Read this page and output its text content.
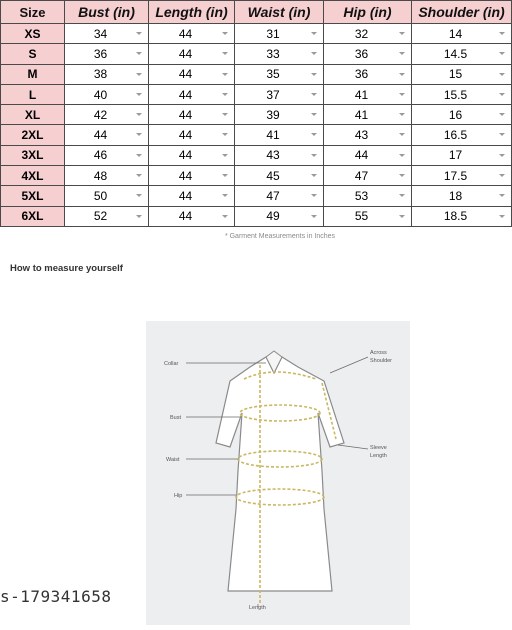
Size	Bust (in)	Length (in)	Waist (in)	Hip (in)	Shoulder (in)
XS	34	44	31	32	14

S	36	44	33	36	14.5

M	38	44	35	36	15

L	40	44	37	41	15.5

XL	42	44	39	41	16

2XL	44	44	41	43	16.5

3XL	46	44	43	44	17

4XL	48	44	45	47	17.5

5XL	50	44	47	53	18

6XL	52	44	49	55	18.5
* Garment Measurements in Inches
How to measure yourself
Collar
Across
Shoulder
Bust
Waist
Hip
Sleeve
Length
Length
s-179341658
